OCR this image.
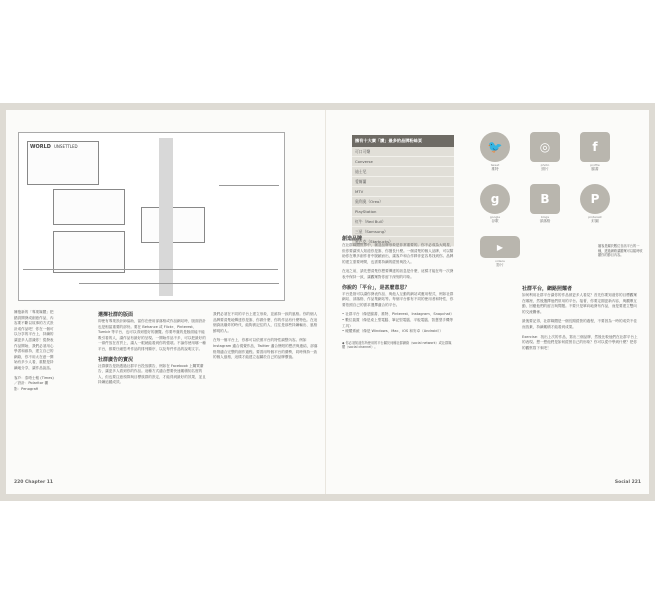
WORLD UNSETTLED
擁抱新的「專業媒體」把錯誤開發成創意作品，內容要不斷以故事的方式設計成作品吧！你在一個可以分享的平台上，持續的讓更多人認識你！從發表作品開始，我們必須用心學習和維持，建立自己的網絡，你不用太在意一開始有多少人看，重點是持續地分享，讓作品說話。
客戶：泰晤士報 (Times)／設計：Polaritor 攝影：Penografi
選擇社群的版面

即使有專業設計師協助，當你在使用部落格或作品網站時，版面設計也是相當重要的部份。要在 Behance 或 Flickr、Pinterest、Tumblr 等平台，也可以得到很好的瀏覽。你要考慮的是版面能不能吸引看的人，讓作品有最好的呈現。一開始作品不多，可以把最好的一兩件放在首頁上，讓人一眼就能看到你的強項。不論你使用哪一種平台，都要仔細思考作品的排列順序，以及每件作品的說明文字。

社群廣告的實況

社群廣告是指透過社群平台投放廣告，例如在 Facebook 上購買廣告，讓更多人看到你的作品。這種方式適合想要快速累積知名度的人，但也要注意預算與目標族群的設定，才能得到最好的效果，並且持續追蹤成效。

我們必須在不同的平台上建立形象，並維持一致的風格。你的個人品牌要清楚地傳達你是誰、你做什麼、你的作品有什麼特色。在這個資訊爆炸的時代，能夠被記住的人，往往是那些持續輸出、風格鮮明的人。

在每一個平台上，你都可以依照平台的特性調整內容。例如 Instagram 適合視覺作品，Twitter 適合簡短的想法與連結，部落格則適合完整的創作過程。要善用每個平台的優勢，同時保持一致的個人風格，這樣才能建立起屬於自己的品牌價值。

220 Chapter 11
擁有十大廣「讚」最多的品牌粉絲頁
可口可樂
Converse
迪士尼
愛爾蘭
MTV
奧利奧（Oreo）
PlayStation
紅牛（Red Bull）
三星（Samsung）
星巴克（Starbucks）
創造品牌

在社群媒體世界中，創造品牌形象是非常重要的。你不必成為大明星，但你要讓別人知道你是誰、你擅長什麼。一個清楚的個人品牌，可以幫助你在眾多創作者中脫穎而出，讓客戶和合作夥伴更容易找到你。品牌的建立需要時間，也需要持續的經營與投入。

在這之前，請先想清楚你想要傳達的訊息是什麼，這樣才能在每一次發表中保持一致，讓觀眾對你留下深刻的印象。

你說的「平台」，是甚麼意思？

平台是指可以讓你發表作品、與他人互動的網站或應用程式，例如社群網站、部落格、作品集網站等。每個平台都有不同的使用者和特性，你要依照自己的需求選擇適合的平台。

• 社群平台（像是臉書、推特、Pinterest、Instagram、Snapchat）
• 數位裝置（像是桌上型電腦、筆記型電腦、平板電腦、智慧型手機等工具）
• 硬體系統（像是 Windows、Mac、iOS 和安卓（Android））
◆ 你必須知道你所使用的平台屬於何種社群網絡（social network）或社群媒體（social channel）。
🐦
tweet
推特
◎
photo
照片
f
profile
臉書
g
google
谷歌
B
blogs
部落格
P
pinterest
釘圖
▶
videos
影片
播客是屬於數位音訊平台的一種，透過網路讓聽眾可以隨時收聽你的節目內容。
社群平台，網路照耀者

如何利用社群平台讓你的作品被更多人看見？首先你要知道你的目標觀眾在哪裡，然後選擇他們常用的平台。接著，你要定期更新內容，與觀眾互動，回應他們的留言與問題。不要只是單向地發布作品，而是要建立雙向的交流關係。

最後要記得，社群媒體是一個長期經營的過程，不要因為一時的成效不佳而放棄，持續累積才能看到成果。

Exercise：找出上次的作品，寫出三個品牌，然後比較他們在社群平台上的表現。想一想他們是如何經營自己的形象？你可以從中學到什麼？把你的觀察寫下來吧！

Social 221
